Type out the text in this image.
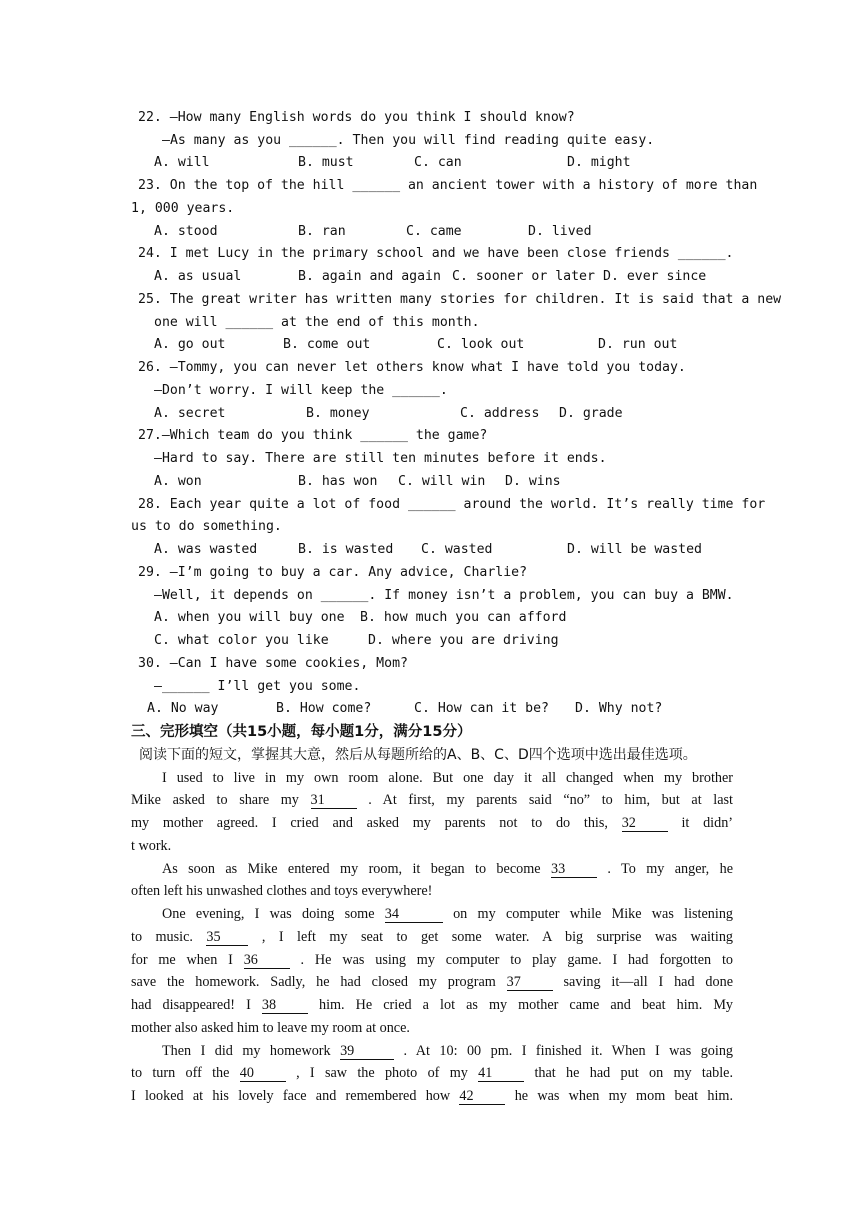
22. —How many English words do you think I should know?
—As many as you ______. Then you will find reading quite easy.
A. will	B. must	C. can	D. might
23. On the top of the hill ______ an ancient tower with a history of more than
1, 000 years.
A. stood	B. ran	C. came	D. lived
24. I met Lucy in the primary school and we have been close friends ______.
A. as usual	B. again and again C. sooner or later D. ever since
25. The great writer has written many stories for children. It is said that a new
one will ______ at the end of this month.
A. go out	B. come out	C. look out	D. run out
26. —Tommy, you can never let others know what I have told you today.
—Don’t worry. I will keep the ______.
A. secret	B. money	C. address D. grade
27.—Which team do you think ______ the game?
—Hard to say. There are still ten minutes before it ends.
A. won	B. has won C. will win D. wins
28. Each year quite a lot of food ______ around the world. It’s really time for
us to do something.
A. was wasted	B. is wasted C. wasted	D. will be wasted
29. —I’m going to buy a car. Any advice, Charlie?
—Well, it depends on ______. If money isn’t a problem, you can buy a BMW.
A. when you will buy one B. how much you can afford
C. what color you like	D. where you are driving
30. —Can I have some cookies, Mom?
—______ I’ll get you some.
A. No way	B. How come?	C. How can it be? D. Why not?
三、完形填空（共15小题，每小题1分，满分15分）
阅读下面的短文，掌握其大意，然后从每题所给的A、B、C、D四个选项中选出最佳选项。
I used to live in my own room alone. But one day it all changed when my brother
Mike asked to share my 31	. At first, my parents said “no” to him, but at last
my mother agreed. I cried and asked my parents not to do this, 32	it didn’
t work.
As soon as Mike entered my room, it began to become 33	. To my anger, he
often left his unwashed clothes and toys everywhere!
One evening, I was doing some 34	on my computer while Mike was listening
to music. 35	, I left my seat to get some water. A big surprise was waiting
for me when I 36	. He was using my computer to play game. I had forgotten to
save the homework. Sadly, he had closed my program 37	saving it—all I had done
had disappeared! I 38	him. He cried a lot as my mother came and beat him. My
mother also asked him to leave my room at once.
Then I did my homework 39	. At 10: 00 pm. I finished it. When I was going
to turn off the 40	, I saw the photo of my 41	that he had put on my table.
I looked at his lovely face and remembered how 42	he was when my mom beat him.
